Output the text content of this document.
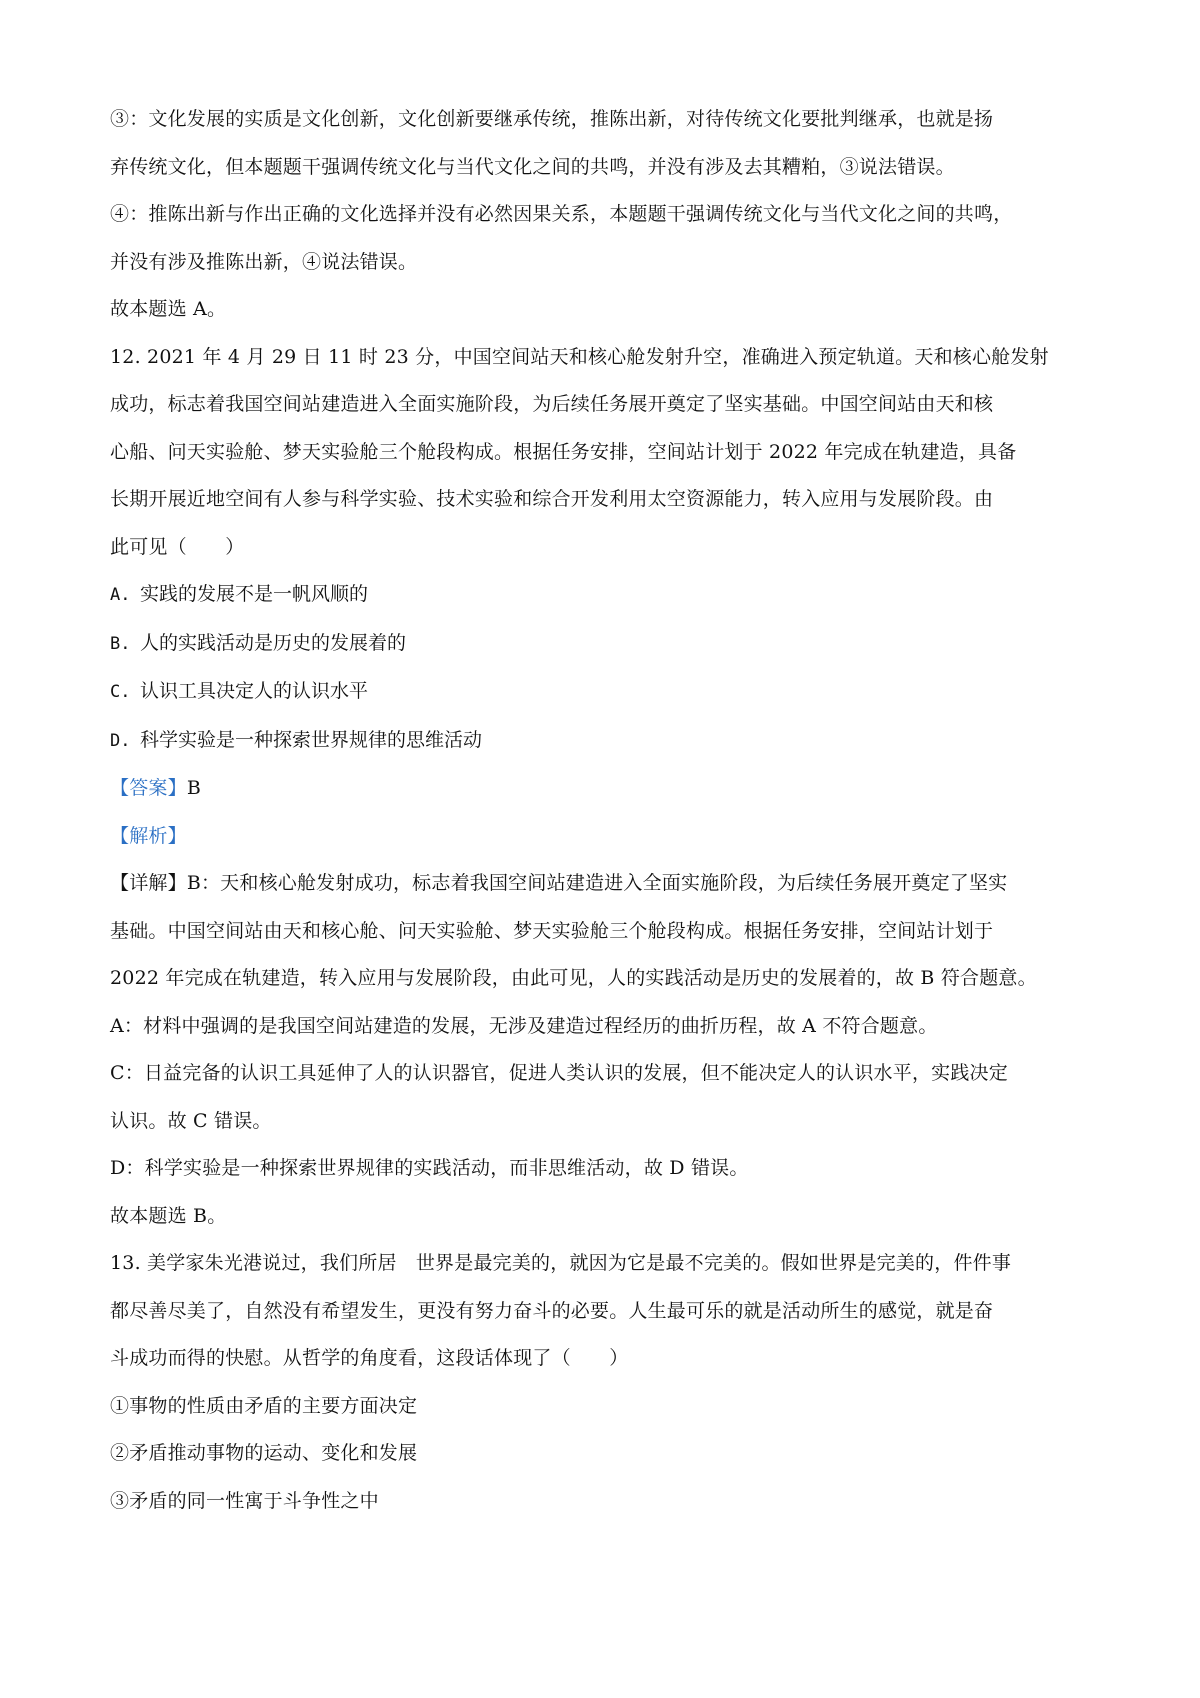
③：文化发展的实质是文化创新，文化创新要继承传统，推陈出新，对待传统文化要批判继承，也就是扬
弃传统文化，但本题题干强调传统文化与当代文化之间的共鸣，并没有涉及去其糟粕，③说法错误。
④：推陈出新与作出正确的文化选择并没有必然因果关系，本题题干强调传统文化与当代文化之间的共鸣，
并没有涉及推陈出新，④说法错误。
故本题选 A。
12. 2021 年 4 月 29 日 11 时 23 分，中国空间站天和核心舱发射升空，准确进入预定轨道。天和核心舱发射
成功，标志着我国空间站建造进入全面实施阶段，为后续任务展开奠定了坚实基础。中国空间站由天和核
心船、问天实验舱、梦天实验舱三个舱段构成。根据任务安排，空间站计划于 2022 年完成在轨建造，具备
长期开展近地空间有人参与科学实验、技术实验和综合开发利用太空资源能力，转入应用与发展阶段。由
此可见（　　）
A. 实践的发展不是一帆风顺的
B. 人的实践活动是历史的发展着的
C. 认识工具决定人的认识水平
D. 科学实验是一种探索世界规律的思维活动
【答案】B
【解析】
【详解】B：天和核心舱发射成功，标志着我国空间站建造进入全面实施阶段，为后续任务展开奠定了坚实
基础。中国空间站由天和核心舱、问天实验舱、梦天实验舱三个舱段构成。根据任务安排，空间站计划于
2022 年完成在轨建造，转入应用与发展阶段，由此可见，人的实践活动是历史的发展着的，故 B 符合题意。
A：材料中强调的是我国空间站建造的发展，无涉及建造过程经历的曲折历程，故 A 不符合题意。
C：日益完备的认识工具延伸了人的认识器官，促进人类认识的发展，但不能决定人的认识水平，实践决定
认识。故 C 错误。
D：科学实验是一种探索世界规律的实践活动，而非思维活动，故 D 错误。
故本题选 B。
13. 美学家朱光港说过，我们所居　世界是最完美的，就因为它是最不完美的。假如世界是完美的，件件事
都尽善尽美了，自然没有希望发生，更没有努力奋斗的必要。人生最可乐的就是活动所生的感觉，就是奋
斗成功而得的快慰。从哲学的角度看，这段话体现了（　　）
①事物的性质由矛盾的主要方面决定
②矛盾推动事物的运动、变化和发展
③矛盾的同一性寓于斗争性之中
